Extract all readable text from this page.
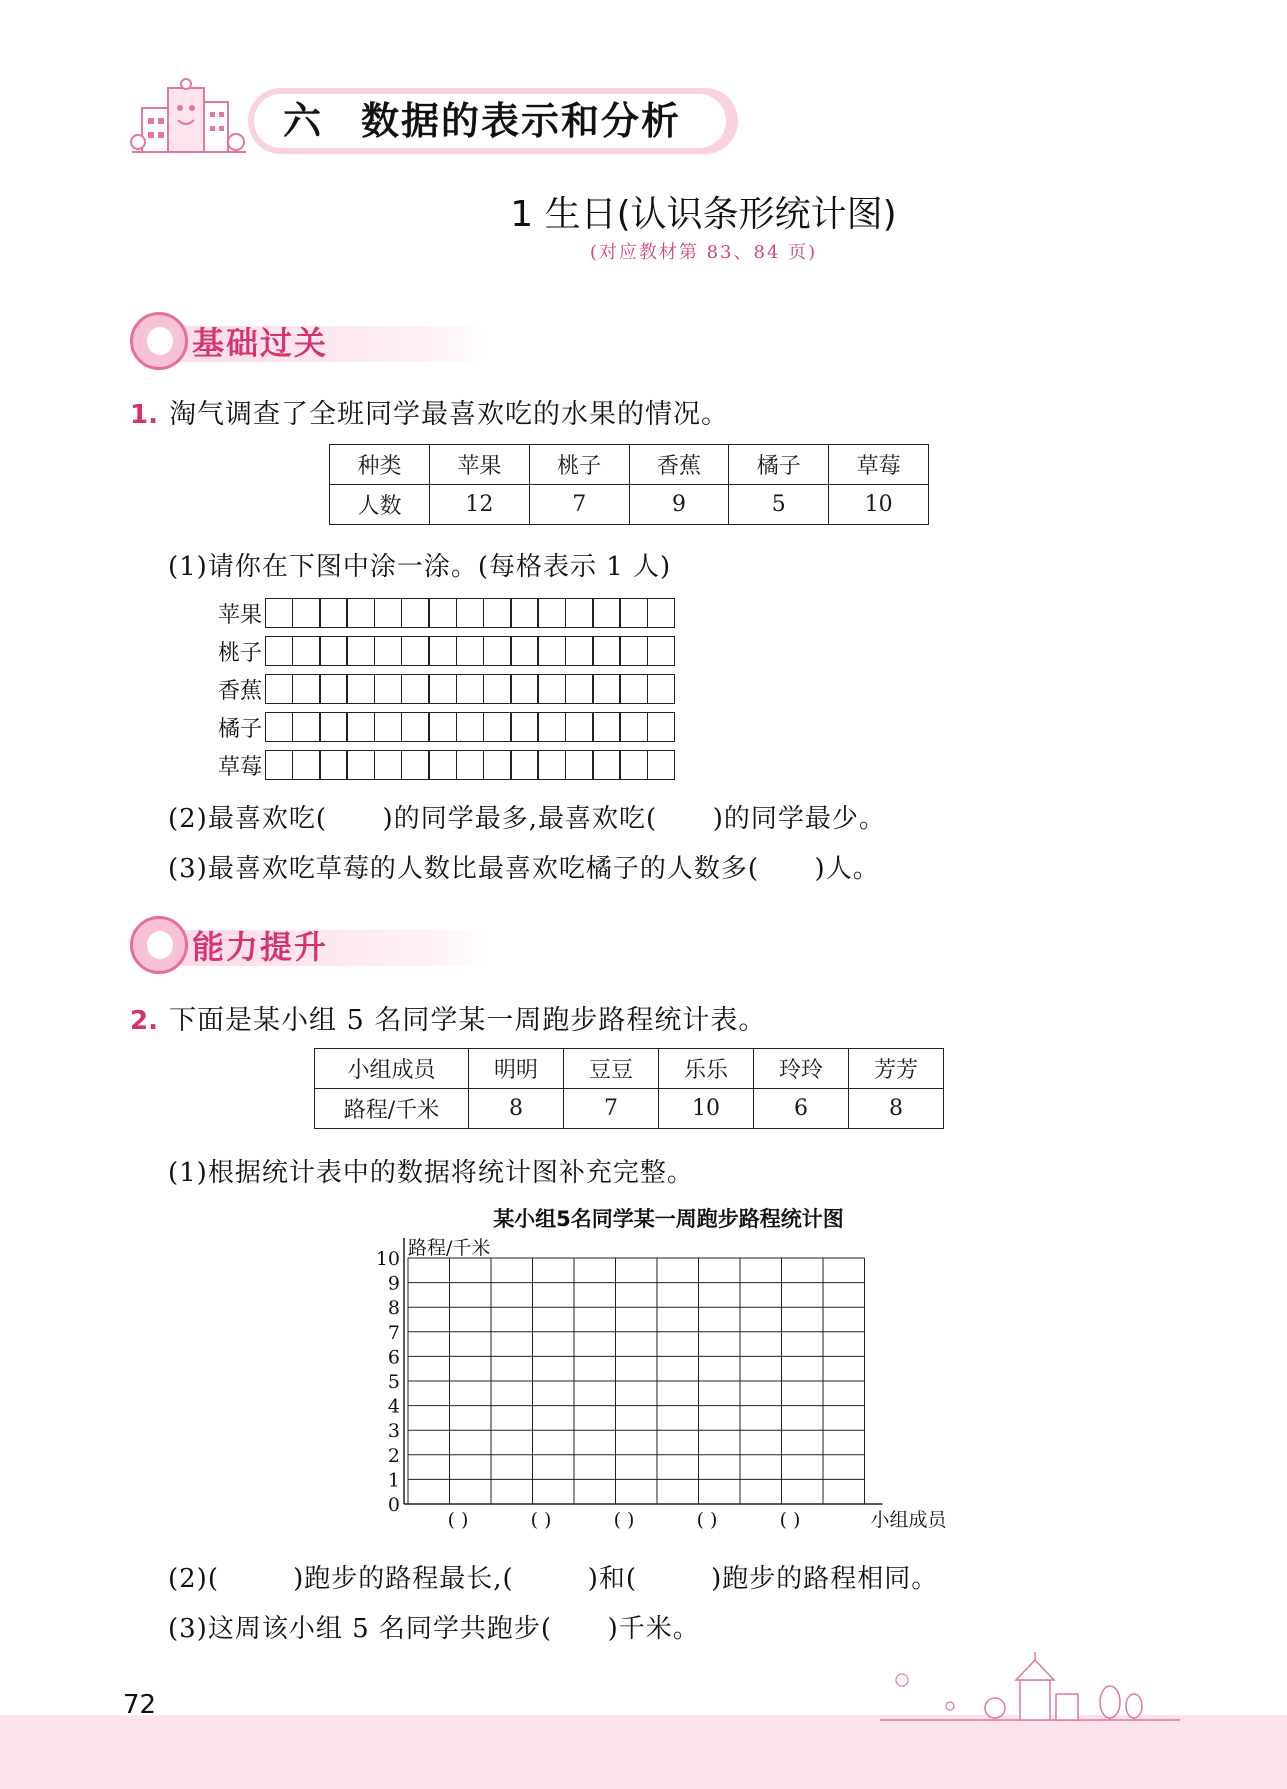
六 数据的表示和分析
1 生日(认识条形统计图)
(对应教材第 83、84 页)
基础过关
1. 淘气调查了全班同学最喜欢吃的水果的情况。
种类	苹果	桃子	香蕉	橘子	草莓
人数	12	7	9	5	10
(1)请你在下图中涂一涂。(每格表示 1 人)
苹果
桃子
香蕉
橘子
草莓
(2)最喜欢吃(      )的同学最多,最喜欢吃(      )的同学最少。
(3)最喜欢吃草莓的人数比最喜欢吃橘子的人数多(      )人。
能力提升
2. 下面是某小组 5 名同学某一周跑步路程统计表。
小组成员	明明	豆豆	乐乐	玲玲	芳芳
路程/千米	8	7	10	6	8
(1)根据统计表中的数据将统计图补充完整。
某小组5名同学某一周跑步路程统计图
0
1
2
3
4
5
6
7
8
9
10 路程/千米
( )	( )	( )	( )	( )	小组成员
(2)(        )跑步的路程最长,(        )和(        )跑步的路程相同。
(3)这周该小组 5 名同学共跑步(      )千米。
72
